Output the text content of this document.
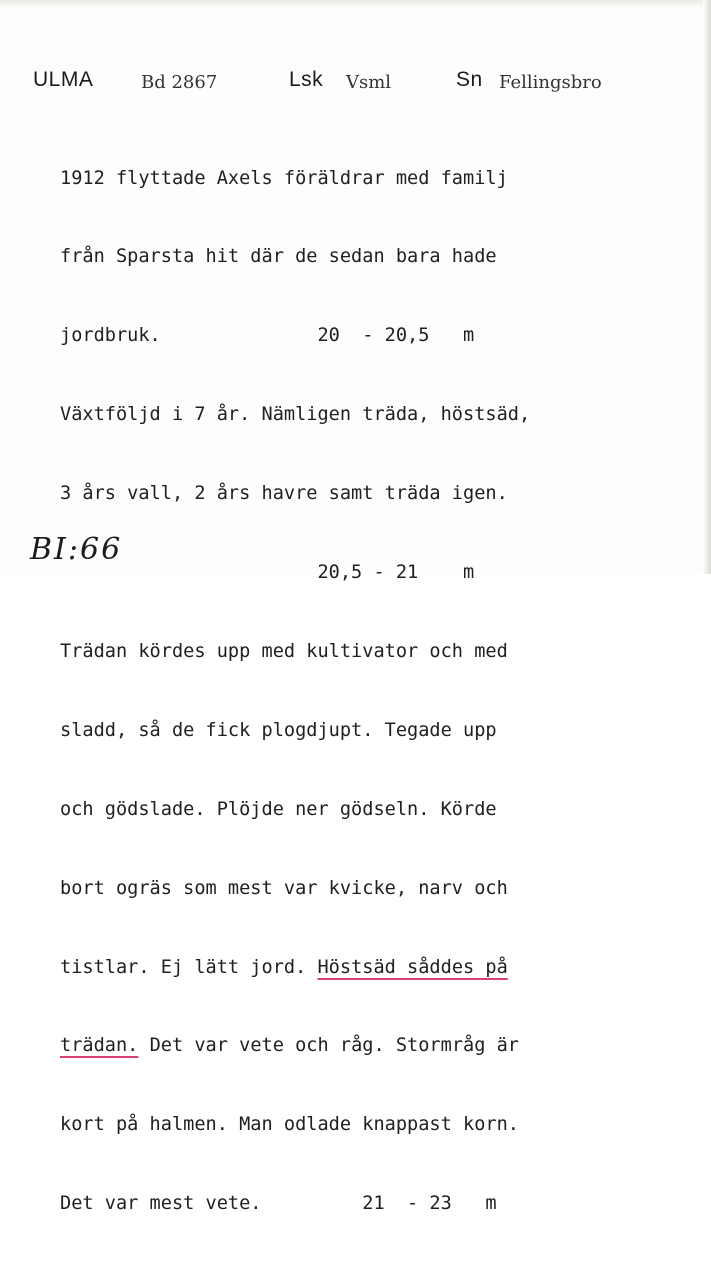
ULMA	Bd 2867	Lsk Vsml	Sn Fellingsbro

1912 flyttade Axels föräldrar med familj

från Sparsta hit där de sedan bara hade

jordbruk.              20  - 20,5   m

Växtföljd i 7 år. Nämligen träda, höstsäd,

3 års vall, 2 års havre samt träda igen.

20,5 - 21    m

Trädan kördes upp med kultivator och med

sladd, så de fick plogdjupt. Tegade upp

och gödslade. Plöjde ner gödseln. Körde

bort ogräs som mest var kvicke, narv och

tistlar. Ej lätt jord. Höstsäd såddes på

trädan. Det var vete och råg. Stormråg är

kort på halmen. Man odlade knappast korn.

Det var mest vete.         21  - 23   m

BI:66
